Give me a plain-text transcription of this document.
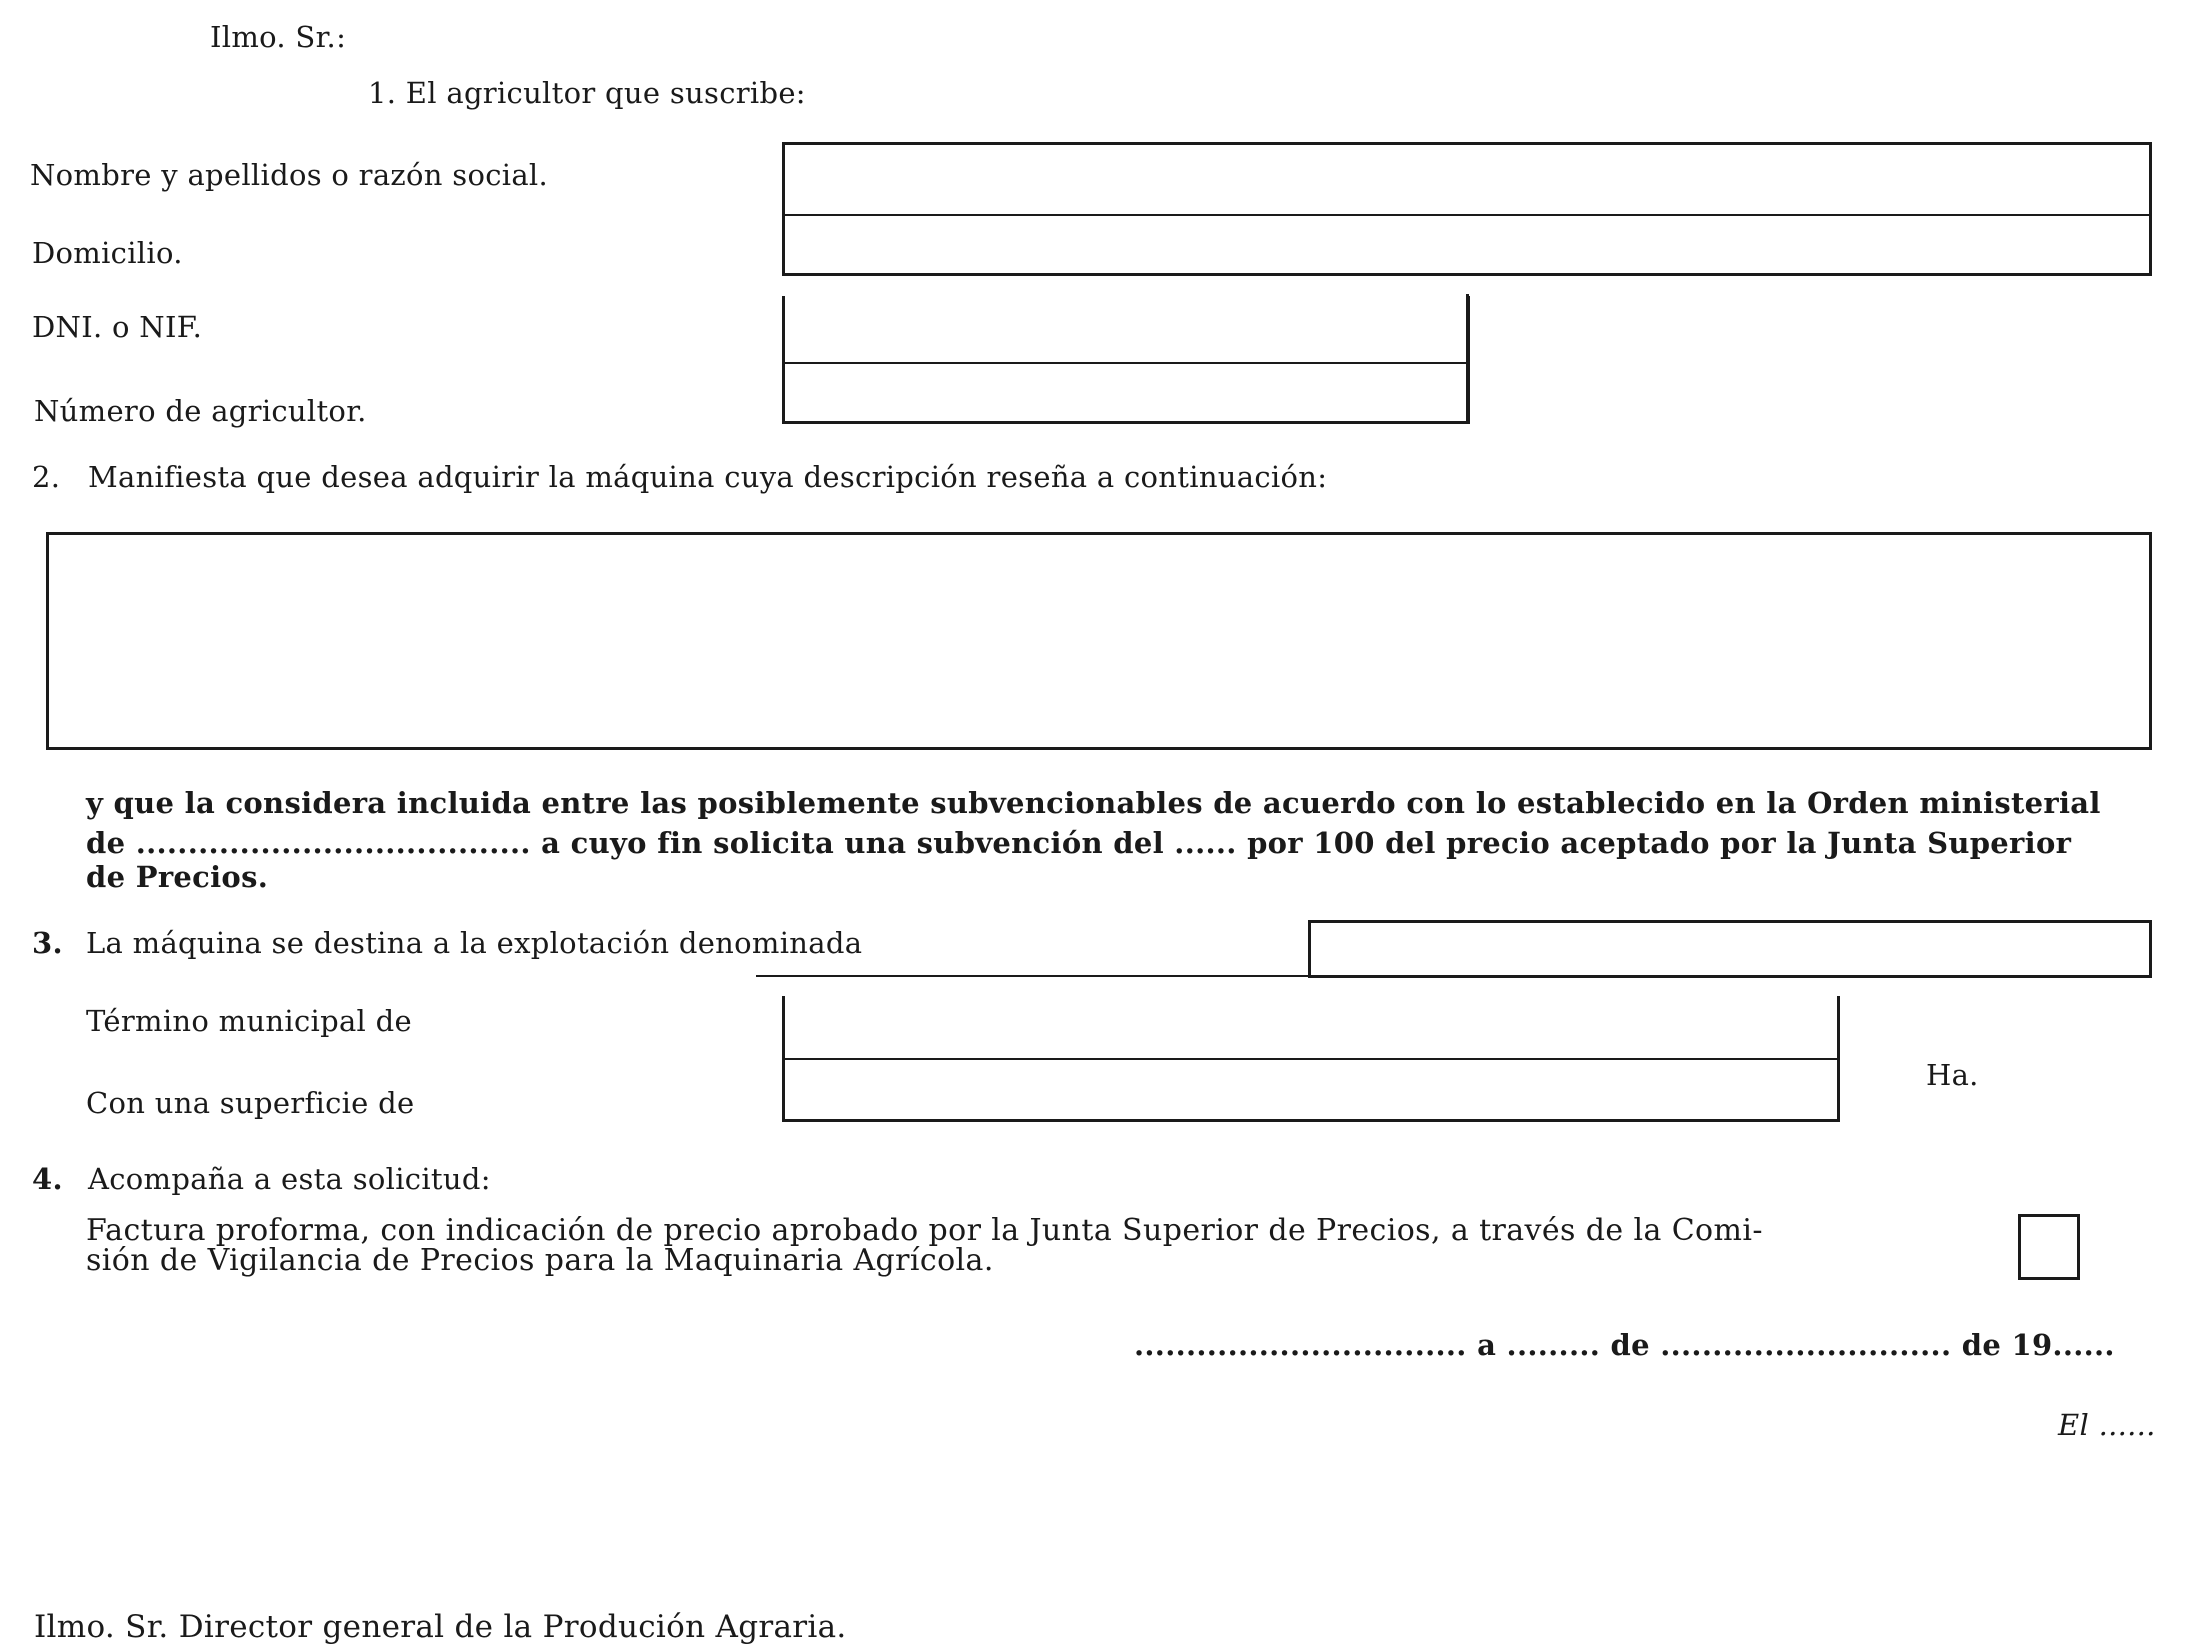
Ilmo. Sr.:
1. El agricultor que suscribe:
Nombre y apellidos o razón social.
Domicilio.
DNI. o NIF.
Número de agricultor.
2. Manifiesta que desea adquirir la máquina cuya descripción reseña a continuación:
y que la considera incluida entre las posiblemente subvencionables de acuerdo con lo establecido en la Orden ministerial
de ...................................... a cuyo fin solicita una subvención del ...... por 100 del precio aceptado por la Junta Superior
de Precios.
3. La máquina se destina a la explotación denominada
Término municipal de
Con una superficie de
Ha.
4. Acompaña a esta solicitud:
Factura proforma, con indicación de precio aprobado por la Junta Superior de Precios, a través de la Comi-
sión de Vigilancia de Precios para la Maquinaria Agrícola.
................................ a ......... de ............................ de 19......
El ......
Ilmo. Sr. Director general de la Produción Agraria.
